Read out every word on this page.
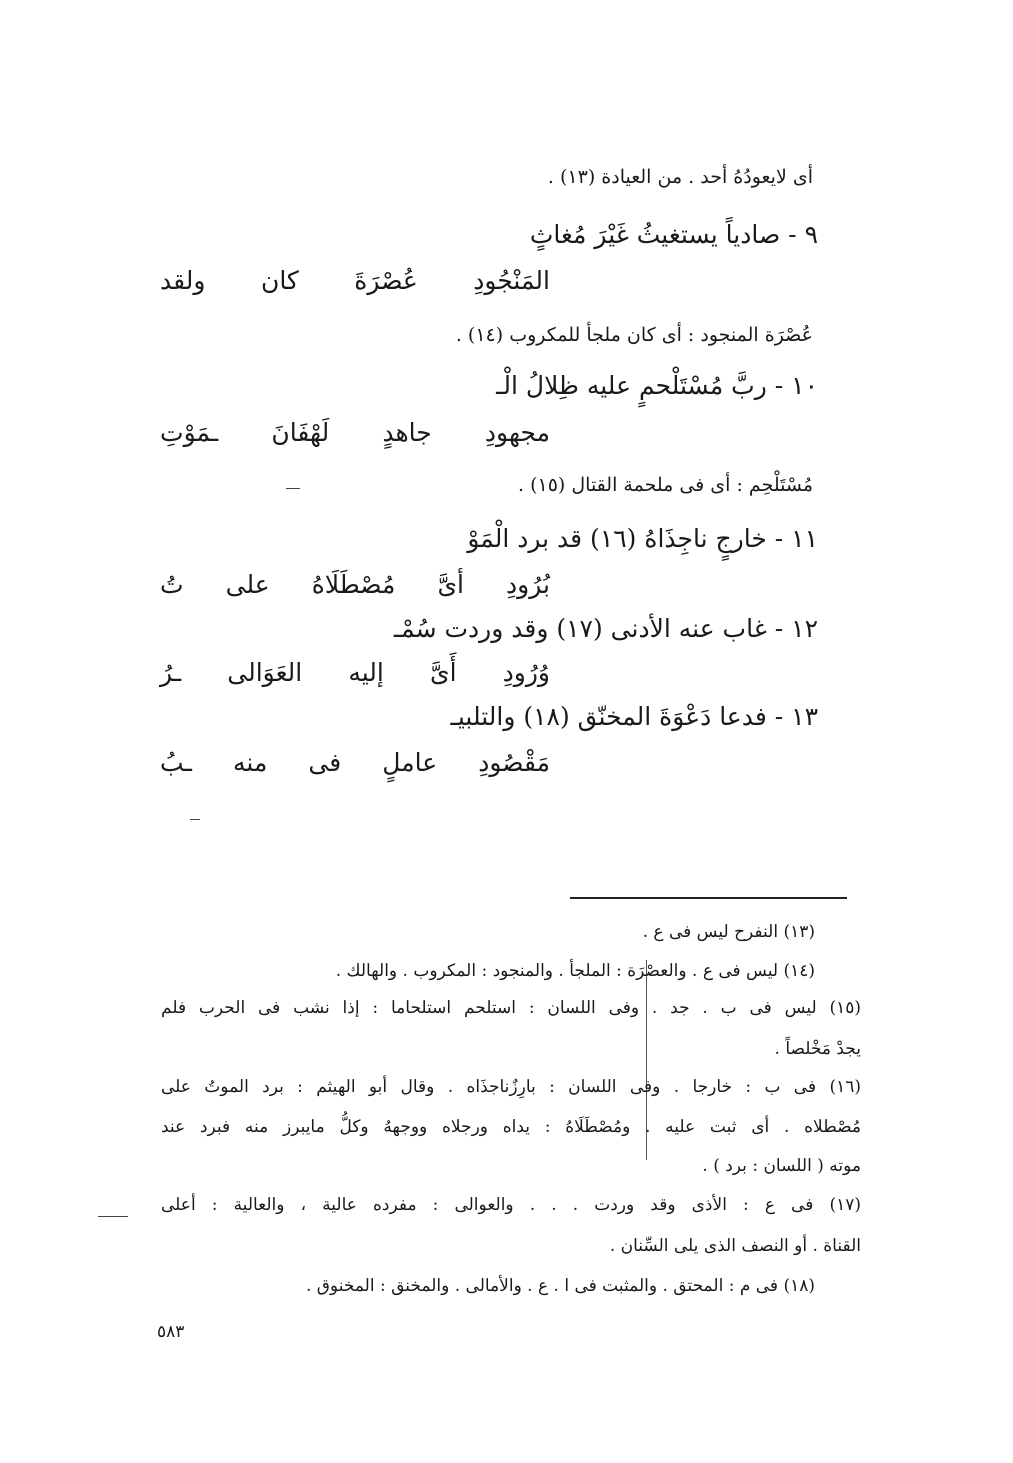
أى لايعودُهُ أحد . من العيادة (١٣) .
٩ - صادياً يستغيثُ غَيْرَ مُغاثٍ
ولقد كان عُصْرَةَ المَنْجُودِ
عُصْرَة المنجود : أى كان ملجأ للمكروب (١٤) .
١٠ - ربَّ مُسْتَلْحمٍ عليه ظِلالُ الْـ
ـمَوْتِ لَهْفَانَ جاهدٍ مجهودِ
مُسْتَلْحِم : أى فى ملحمة القتال (١٥) .
١١ - خارجٍ ناجِذَاهُ (١٦) قد برد الْمَوْ
تُ على مُصْطَلَاهُ أىَّ بُرُودِ
١٢ - غاب عنه الأدنى (١٧) وقد وردت سُمْـ
ـرُ العَوَالى إليه أَىَّ وُرُودِ
١٣ - فدعا دَعْوَةَ المخنّق (١٨) والتلبيـ
ـبُ منه فى عاملٍ مَقْصُودِ
(١٣) النفرح ليس فى ع .
(١٤) ليس فى ع . والعصْرَة : الملجأ . والمنجود : المكروب . والهالك .
(١٥) ليس فى ب . جد . وفى اللسان : استلحم استلحاما : إذا نشب فى الحرب فلم
يجدْ مَخْلصاً .
(١٦) فى ب : خارجا . وفى اللسان : بارِزٌناجذَاه . وقال أبو الهيثم : برد الموتُ على
مُصْطلاه . أى ثبت عليه . ومُصْطَلَاهُ : يداه ورجلاه ووجههُ وكلُّ مايبرز منه فبرد عند
موته ( اللسان : برد ) .
(١٧) فى ع : الأذى وقد وردت . . . والعوالى : مفرده عالية ، والعالية : أعلى
القناة . أو النصف الذى يلى السِّنان .
(١٨) فى م : المحتق . والمثبت فى ا . ع . والأمالى . والمخنق : المخنوق .
٥٨٣
